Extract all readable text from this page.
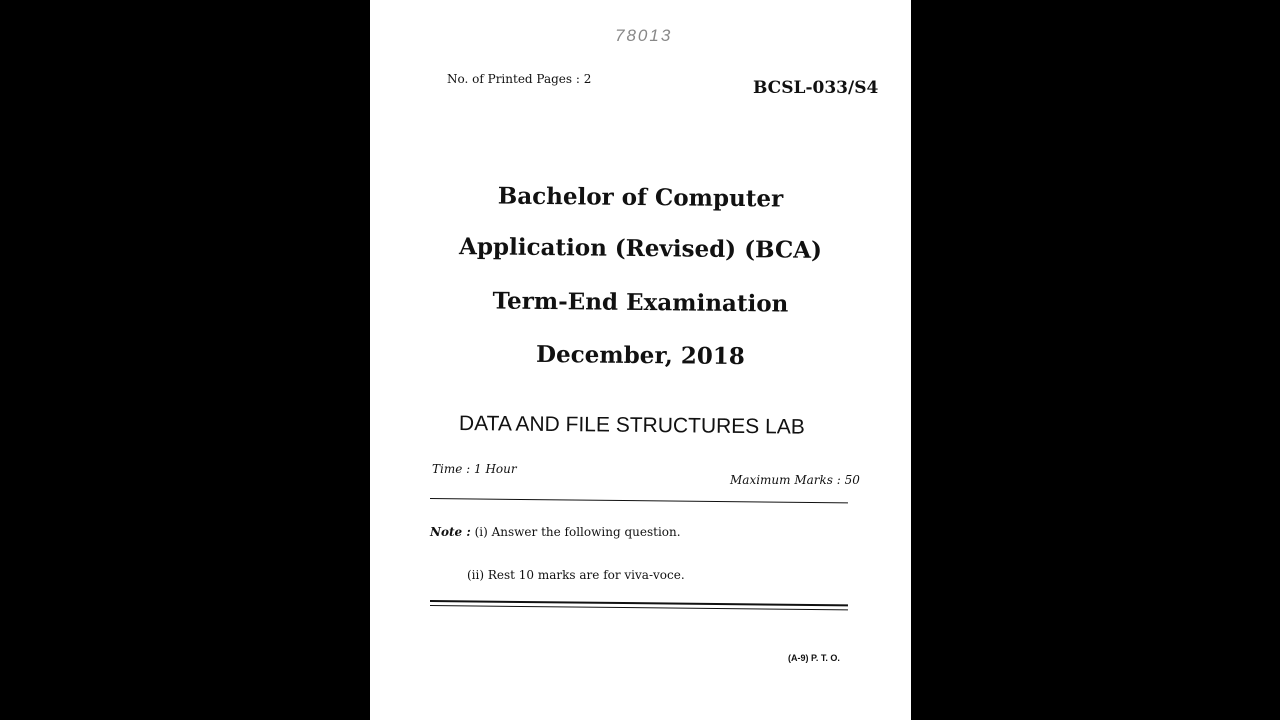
78013
No. of Printed Pages : 2	BCSL-033/S4
Bachelor of Computer
Application (Revised) (BCA)
Term-End Examination
December, 2018
DATA AND FILE STRUCTURES LAB
Time : 1 Hour
Maximum Marks : 50
Note : (i) Answer the following question.
(ii) Rest 10 marks are for viva-voce.
(A-9) P. T. O.
